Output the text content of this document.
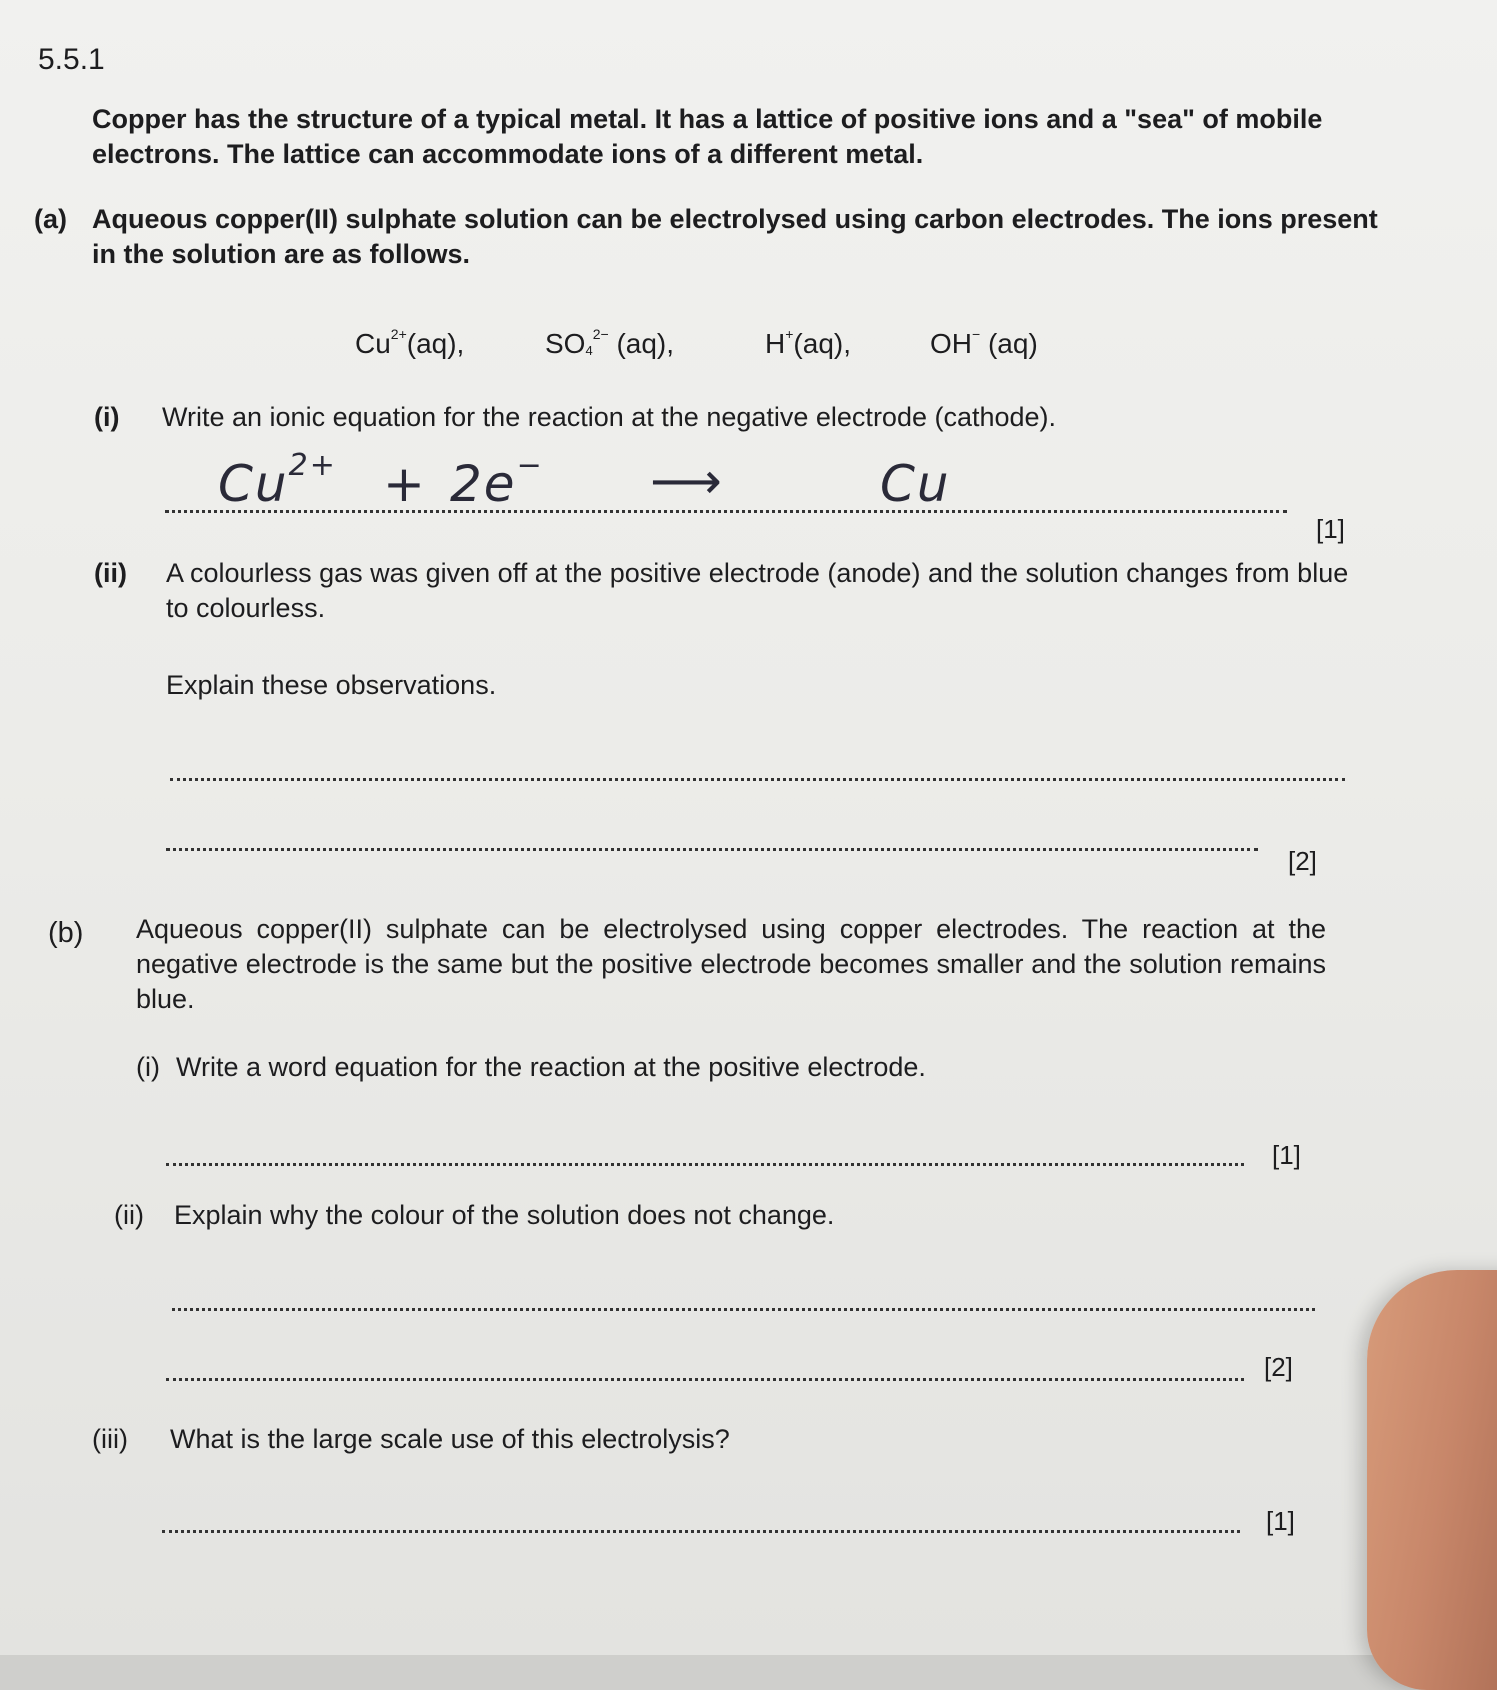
5.5.1
Copper has the structure of a typical metal. It has a lattice of positive ions and a "sea" of mobile electrons. The lattice can accommodate ions of a different metal.
(a) Aqueous copper(II) sulphate solution can be electrolysed using carbon electrodes. The ions present in the solution are as follows.
$Cu^{2+}(aq)$,	$SO_4^{2-}$ (aq),	H+(aq),	OH− (aq)
(i) Write an ionic equation for the reaction at the negative electrode (cathode).
$Cu^{2+} + 2e^-$ ⟶	Cu
[1]
(ii) A colourless gas was given off at the positive electrode (anode) and the solution changes from blue to colourless.
Explain these observations.
[2]
(b) Aqueous copper(II) sulphate can be electrolysed using copper electrodes. The reaction at the negative electrode is the same but the positive electrode becomes smaller and the solution remains blue.
(i) Write a word equation for the reaction at the positive electrode.
[1]
(ii) Explain why the colour of the solution does not change.
[2]
(iii) What is the large scale use of this electrolysis?
[1]
